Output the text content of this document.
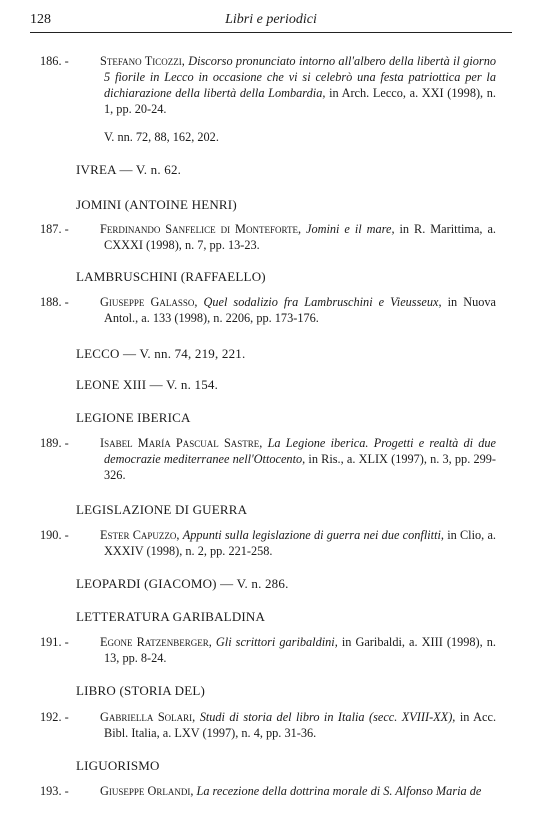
128	Libri e periodici
186. -	Stefano Ticozzi, Discorso pronunciato intorno all'albero della libertà il giorno 5 fiorile in Lecco in occasione che vi si celebrò una festa patriottica per la dichiarazione della libertà della Lombardia, in Arch. Lecco, a. XXI (1998), n. 1, pp. 20-24.
V. nn. 72, 88, 162, 202.
IVREA — V. n. 62.
JOMINI (ANTOINE HENRI)
187. -	Ferdinando Sanfelice di Monteforte, Jomini e il mare, in R. Marittima, a. CXXXI (1998), n. 7, pp. 13-23.
LAMBRUSCHINI (RAFFAELLO)
188. -	Giuseppe Galasso, Quel sodalizio fra Lambruschini e Vieusseux, in Nuova Antol., a. 133 (1998), n. 2206, pp. 173-176.
LECCO — V. nn. 74, 219, 221.
LEONE XIII — V. n. 154.
LEGIONE IBERICA
189. -	Isabel María Pascual Sastre, La Legione iberica. Progetti e realtà di due democrazie mediterranee nell'Ottocento, in Ris., a. XLIX (1997), n. 3, pp. 299-326.
LEGISLAZIONE DI GUERRA
190. -	Ester Capuzzo, Appunti sulla legislazione di guerra nei due conflitti, in Clio, a. XXXIV (1998), n. 2, pp. 221-258.
LEOPARDI (GIACOMO) — V. n. 286.
LETTERATURA GARIBALDINA
191. -	Egone Ratzenberger, Gli scrittori garibaldini, in Garibaldi, a. XIII (1998), n. 13, pp. 8-24.
LIBRO (STORIA DEL)
192. -	Gabriella Solari, Studi di storia del libro in Italia (secc. XVIII-XX), in Acc. Bibl. Italia, a. LXV (1997), n. 4, pp. 31-36.
LIGUORISMO
193. -	Giuseppe Orlandi, La recezione della dottrina morale di S. Alfonso Maria de
